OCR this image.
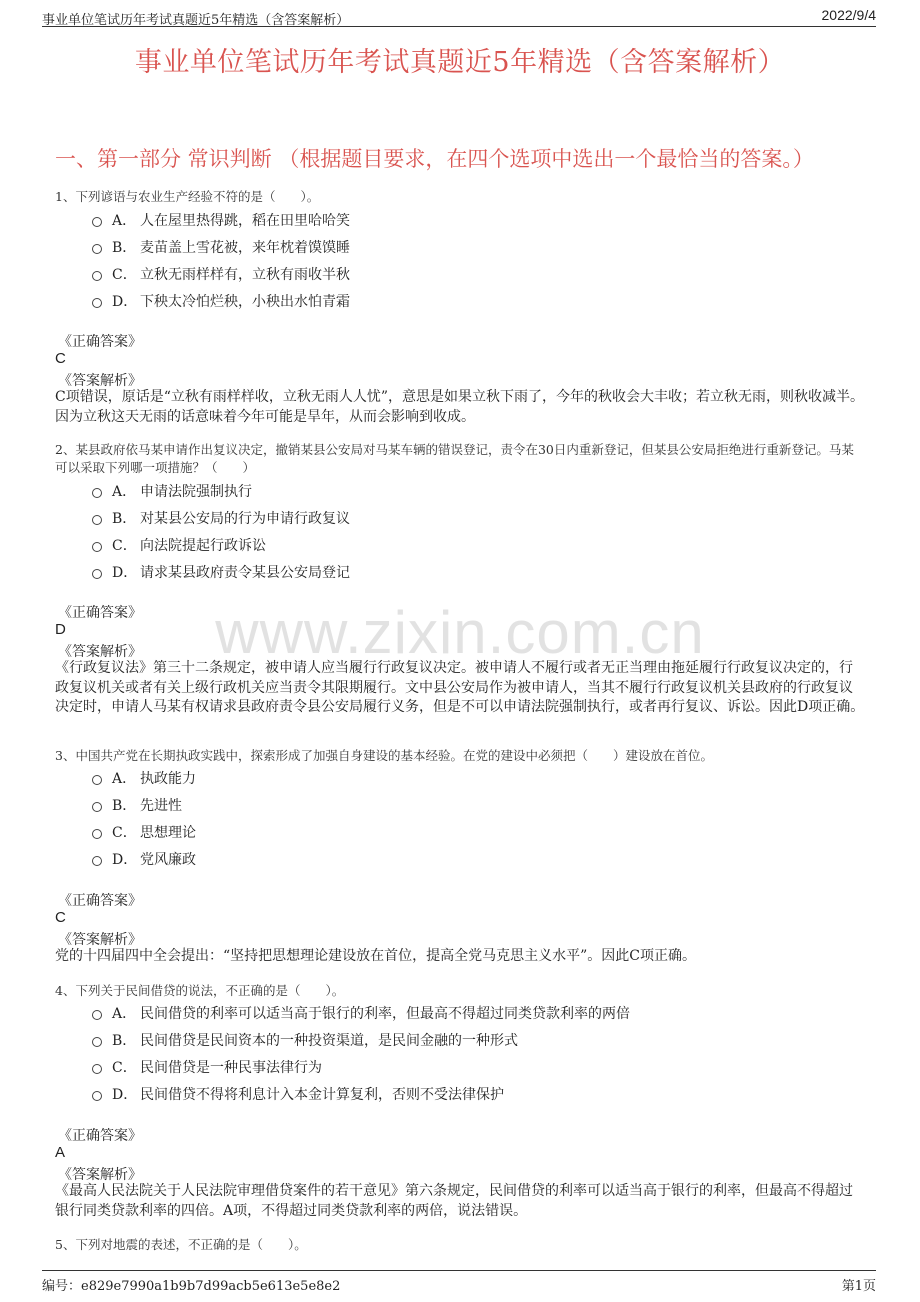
事业单位笔试历年考试真题近5年精选（含答案解析）	2022/9/4
事业单位笔试历年考试真题近5年精选（含答案解析）
一、第一部分 常识判断 （根据题目要求，在四个选项中选出一个最恰当的答案。）
www.zixin.com.cn
1、下列谚语与农业生产经验不符的是（　　）。
A． 人在屋里热得跳，稻在田里哈哈笑
B． 麦苗盖上雪花被，来年枕着馍馍睡
C． 立秋无雨样样有，立秋有雨收半秋
D． 下秧太冷怕烂秧，小秧出水怕青霜
《正确答案》
C
《答案解析》
C项错误，原话是“立秋有雨样样收，立秋无雨人人忧”，意思是如果立秋下雨了，今年的秋收会大丰收；若立秋无雨，则秋收减半。因为立秋这天无雨的话意味着今年可能是旱年，从而会影响到收成。
2、某县政府依马某申请作出复议决定，撤销某县公安局对马某车辆的错误登记，责令在30日内重新登记，但某县公安局拒绝进行重新登记。马某可以采取下列哪一项措施？（　　）
A． 申请法院强制执行
B． 对某县公安局的行为申请行政复议
C． 向法院提起行政诉讼
D． 请求某县政府责令某县公安局登记
《正确答案》
D
《答案解析》
《行政复议法》第三十二条规定，被申请人应当履行行政复议决定。被申请人不履行或者无正当理由拖延履行行政复议决定的，行政复议机关或者有关上级行政机关应当责令其限期履行。文中县公安局作为被申请人，当其不履行行政复议机关县政府的行政复议决定时，申请人马某有权请求县政府责令县公安局履行义务，但是不可以申请法院强制执行，或者再行复议、诉讼。因此D项正确。
3、中国共产党在长期执政实践中，探索形成了加强自身建设的基本经验。在党的建设中必须把（　　）建设放在首位。
A． 执政能力
B． 先进性
C． 思想理论
D． 党风廉政
《正确答案》
C
《答案解析》
党的十四届四中全会提出：“坚持把思想理论建设放在首位，提高全党马克思主义水平”。因此C项正确。
4、下列关于民间借贷的说法，不正确的是（　　）。
A． 民间借贷的利率可以适当高于银行的利率，但最高不得超过同类贷款利率的两倍
B． 民间借贷是民间资本的一种投资渠道，是民间金融的一种形式
C． 民间借贷是一种民事法律行为
D． 民间借贷不得将利息计入本金计算复利，否则不受法律保护
《正确答案》
A
《答案解析》
《最高人民法院关于人民法院审理借贷案件的若干意见》第六条规定，民间借贷的利率可以适当高于银行的利率，但最高不得超过银行同类贷款利率的四倍。A项，不得超过同类贷款利率的两倍，说法错误。
5、下列对地震的表述，不正确的是（　　）。
编号：e829e7990a1b9b7d99acb5e613e5e8e2	第1页
